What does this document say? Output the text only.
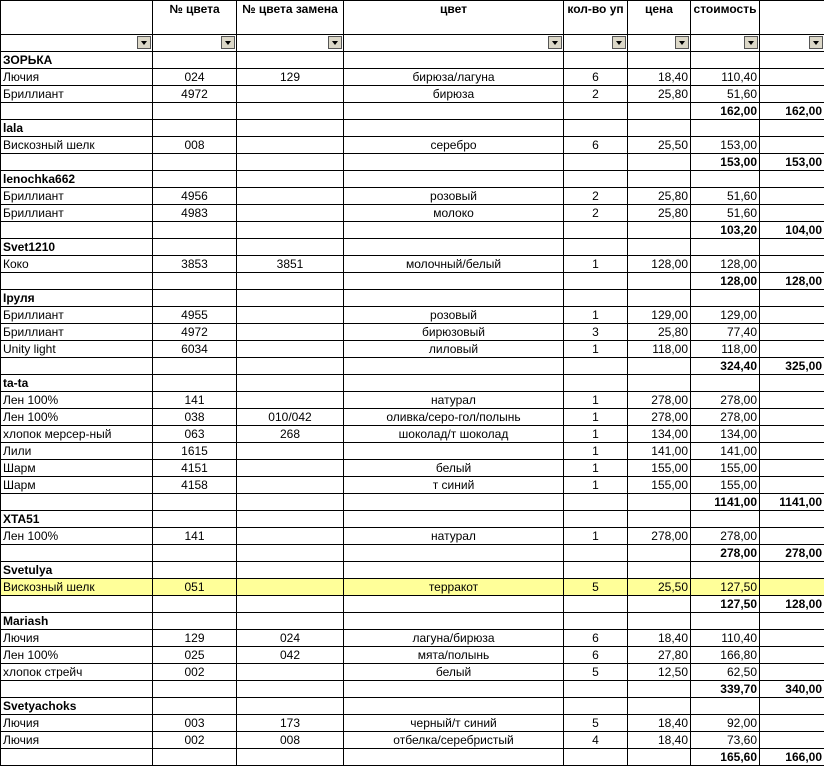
	№ цвета	№ цвета замена	цвет	кол-во уп	цена	стоимость	

ЗОРЬКА							
Лючия	024	129	бирюза/лагуна	6	18,40	110,40	
Бриллиант	4972		бирюза	2	25,80	51,60	
						162,00	162,00
lala							
Вискозный шелк	008		серебро	6	25,50	153,00	
						153,00	153,00
lenochka662							
Бриллиант	4956		розовый	2	25,80	51,60	
Бриллиант	4983		молоко	2	25,80	51,60	
						103,20	104,00
Svet1210							
Коко	3853	3851	молочный/белый	1	128,00	128,00	
						128,00	128,00
Iруля							
Бриллиант	4955		розовый	1	129,00	129,00	
Бриллиант	4972		бирюзовый	3	25,80	77,40	
Unity light	6034		лиловый	1	118,00	118,00	
						324,40	325,00
ta-ta							
Лен 100%	141		натурал	1	278,00	278,00	
Лен 100%	038	010/042	оливка/серо-гол/полынь	1	278,00	278,00	
хлопок мерсер-ный	063	268	шоколад/т шоколад	1	134,00	134,00	
Лили	1615			1	141,00	141,00	
Шарм	4151		белый	1	155,00	155,00	
Шарм	4158		т синий	1	155,00	155,00	
						1141,00	1141,00
XTA51							
Лен 100%	141		натурал	1	278,00	278,00	
						278,00	278,00
Svetulya							
Вискозный шелк	051		терракот	5	25,50	127,50	
						127,50	128,00
Mariash							
Лючия	129	024	лагуна/бирюза	6	18,40	110,40	
Лен 100%	025	042	мята/полынь	6	27,80	166,80	
хлопок стрейч	002		белый	5	12,50	62,50	
						339,70	340,00
Svetyachoks							
Лючия	003	173	черный/т синий	5	18,40	92,00	
Лючия	002	008	отбелка/серебристый	4	18,40	73,60	
						165,60	166,00
